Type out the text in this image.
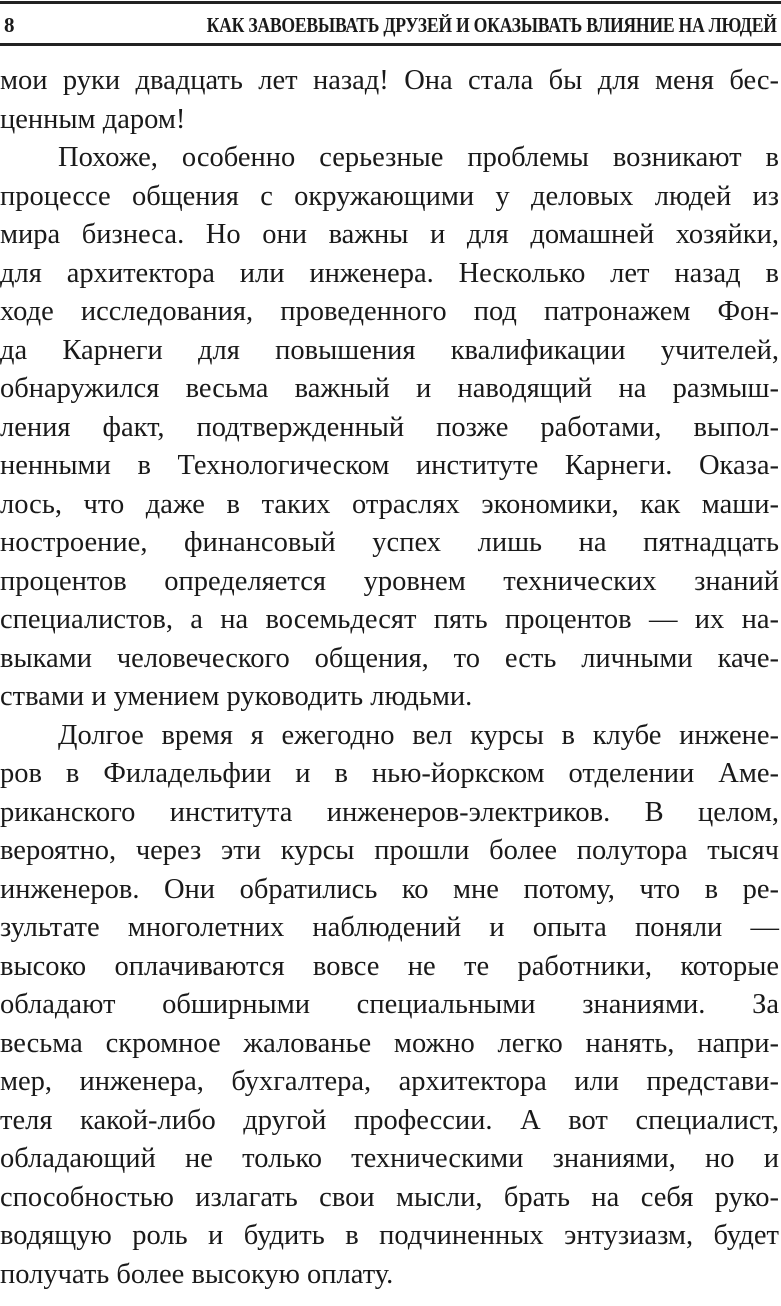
8	КАК ЗАВОЕВЫВАТЬ ДРУЗЕЙ И ОКАЗЫВАТЬ ВЛИЯНИЕ НА ЛЮДЕЙ
мои руки двадцать лет назад! Она стала бы для меня бес-
ценным даром!
Похоже, особенно серьезные проблемы возникают в
процессе общения с окружающими у деловых людей из
мира бизнеса. Но они важны и для домашней хозяйки,
для архитектора или инженера. Несколько лет назад в
ходе исследования, проведенного под патронажем Фон-
да Карнеги для повышения квалификации учителей,
обнаружился весьма важный и наводящий на размыш-
ления факт, подтвержденный позже работами, выпол-
ненными в Технологическом институте Карнеги. Оказа-
лось, что даже в таких отраслях экономики, как маши-
ностроение, финансовый успех лишь на пятнадцать
процентов определяется уровнем технических знаний
специалистов, а на восемьдесят пять процентов — их на-
выками человеческого общения, то есть личными каче-
ствами и умением руководить людьми.
Долгое время я ежегодно вел курсы в клубе инжене-
ров в Филадельфии и в нью-йоркском отделении Аме-
риканского института инженеров-электриков. В целом,
вероятно, через эти курсы прошли более полутора тысяч
инженеров. Они обратились ко мне потому, что в ре-
зультате многолетних наблюдений и опыта поняли —
высоко оплачиваются вовсе не те работники, которые
обладают обширными специальными знаниями. За
весьма скромное жалованье можно легко нанять, напри-
мер, инженера, бухгалтера, архитектора или представи-
теля какой-либо другой профессии. А вот специалист,
обладающий не только техническими знаниями, но и
способностью излагать свои мысли, брать на себя руко-
водящую роль и будить в подчиненных энтузиазм, будет
получать более высокую оплату.
